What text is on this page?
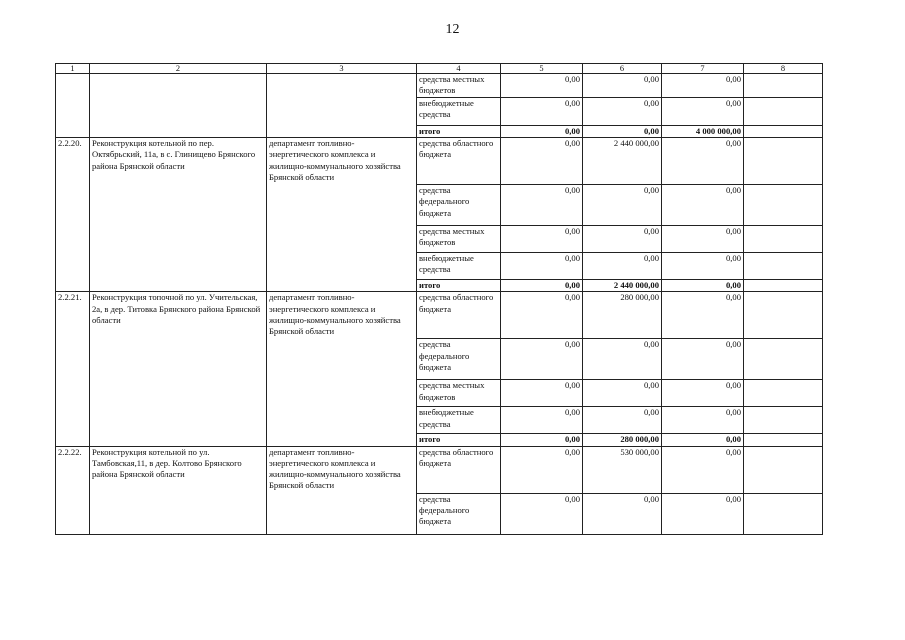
12
1	2	3	4	5	6	7	8
			средства местных бюджетов	0,00	0,00	0,00	
			внебюджетные средства	0,00	0,00	0,00	
			итого	0,00	0,00	4 000 000,00	
2.2.20.	Реконструкция котельной по пер. Октябрьский, 11а, в с. Глинищево Брянского района Брянской области	департамент топливно-энергетического комплекса и жилищно-коммунального хозяйства Брянской области	средства областного бюджета	0,00	2 440 000,00	0,00	
			средства федерального бюджета	0,00	0,00	0,00	
			средства местных бюджетов	0,00	0,00	0,00	
			внебюджетные средства	0,00	0,00	0,00	
			итого	0,00	2 440 000,00	0,00	
2.2.21.	Реконструкция топочной по ул. Учительская, 2а, в дер. Титовка Брянского района Брянской области	департамент топливно-энергетического комплекса и жилищно-коммунального хозяйства Брянской области	средства областного бюджета	0,00	280 000,00	0,00	
			средства федерального бюджета	0,00	0,00	0,00	
			средства местных бюджетов	0,00	0,00	0,00	
			внебюджетные средства	0,00	0,00	0,00	
			итого	0,00	280 000,00	0,00	
2.2.22.	Реконструкция котельной по ул. Тамбовская,11, в дер. Колтово Брянского района Брянской области	департамент топливно-энергетического комплекса и жилищно-коммунального хозяйства Брянской области	средства областного бюджета	0,00	530 000,00	0,00	
			средства федерального бюджета	0,00	0,00	0,00	
